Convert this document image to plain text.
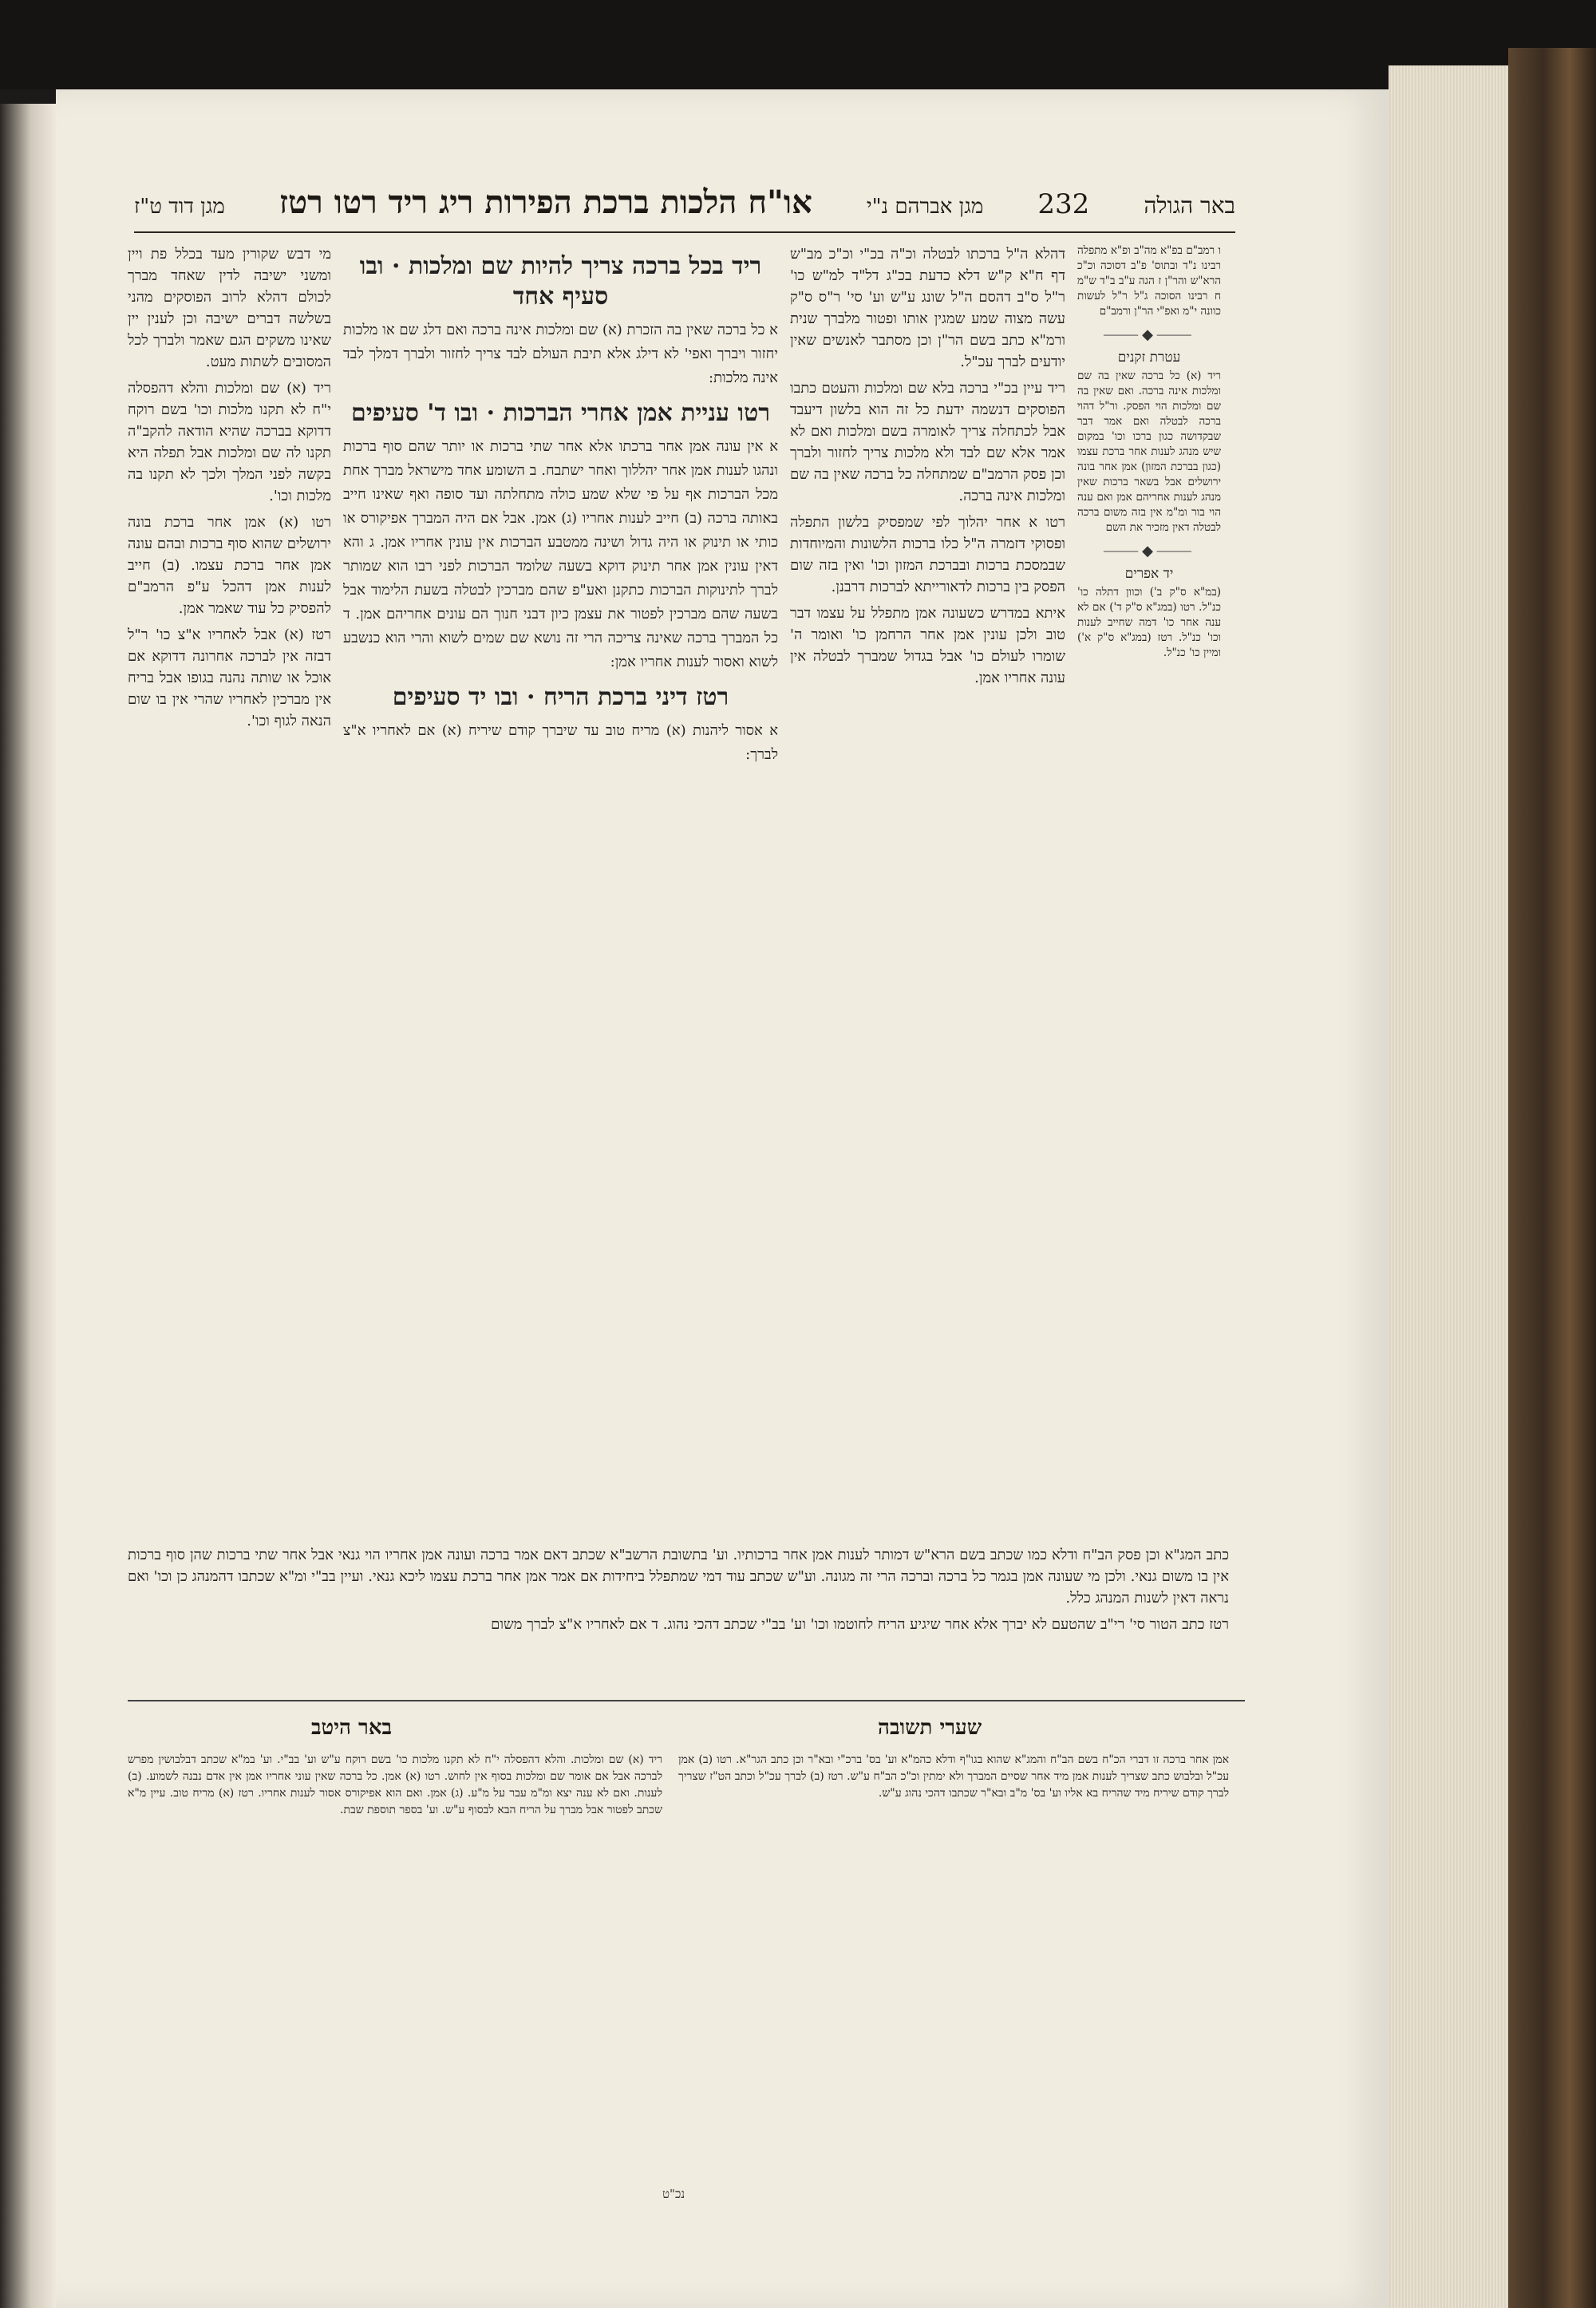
באר הגולה
232
מגן אברהם נ"י
או"ח הלכות ברכת הפירות ריג ריד רטו רטז
מגן דוד ט"ז

ו רמב"ם בפ"א מה"ב ופ"א מתפלה רבינו נ"ד ובתוס' פ"ב דסוכה וכ"כ הרא"ש והר"ן ז הגה ע"ב ב"ד ש"מ ח רבינו הסוכה ג"ל ר"ל לעשות כוונה י"מ ואפ"י הר"ן ורמב"ם

⸻◆⸻
עטרת זקנים

ריד (א) כל ברכה שאין בה שם ומלכות אינה ברכה. ואם שאין בה שם ומלכות הוי הפסק. ור"ל דהוי ברכה לבטלה ואם אמר דבר שבקדושה כגון ברכו וכו' במקום שיש מנהג לענות אחר ברכת עצמו (כגון בברכת המזון) אמן אחר בונה ירושלים אבל בשאר ברכות שאין מנהג לענות אחריהם אמן ואם ענה הוי בור ומ"מ אין בזה משום ברכה לבטלה דאין מזכיר את השם

⸻◆⸻
יד אפרים

(במ"א ס"ק ב') וכוון דתלה כו' כנ"ל. רטו (במג"א ס"ק ד') אם לא ענה אחר כו' דמה שחייב לענות וכו' כנ"ל. רטז (במג"א ס"ק א') ומיין כו' כנ"ל.

דהלא ה"ל ברכתו לבטלה וכ"ה בכ"י וכ"כ מב"ש דף ח"א ק"ש דלא כדעת בכ"ג דל"ד למ"ש כו' ר"ל ס"ב דהסם ה"ל שונג ע"ש וע' סי' ר"ס ס"ק עשה מצוה שמע שמגין אותו ופטור מלברך שנית ורמ"א כתב בשם הר"ן וכן מסתבר לאנשים שאין יודעים לברך עכ"ל.

ריד עיין בכ"י ברכה בלא שם ומלכות והעטם כתבו הפוסקים דנשמה ידעת כל זה הוא בלשון דיעבד אבל לכתחלה צריך לאומרה בשם ומלכות ואם לא אמר אלא שם לבד ולא מלכות צריך לחזור ולברך וכן פסק הרמב"ם שמתחלה כל ברכה שאין בה שם ומלכות אינה ברכה.

רטו א אחר יהלוך לפי שמפסיק בלשון התפלה ופסוקי דזמרה ה"ל כלו ברכות הלשונות והמיוחדות שבמסכת ברכות ובברכת המזון וכו' ואין בזה שום הפסק בין ברכות לדאורייתא לברכות דרבנן.

איתא במדרש כשעונה אמן מתפלל על עצמו דבר טוב ולכן עונין אמן אחר הרחמן כו' ואומר ה' שומרו לעולם כו' אבל בגדול שמברך לבטלה אין עונה אחריו אמן.

ריד בכל ברכה צריך להיות שם ומלכות · ובו סעיף אחד

א כל ברכה שאין בה הזכרת (א) שם ומלכות אינה ברכה ואם דלג שם או מלכות יחזור ויברך ואפי' לא דילג אלא תיבת העולם לבד צריך לחזור ולברך דמלך לבד אינה מלכות:

רטו עניית אמן אחרי הברכות · ובו ד' סעיפים

א אין עונה אמן אחר ברכתו אלא אחר שתי ברכות או יותר שהם סוף ברכות ונהגו לענות אמן אחר יהללוך ואחר ישתבח. ב השומע אחד מישראל מברך אחת מכל הברכות אף על פי שלא שמע כולה מתחלתה ועד סופה ואף שאינו חייב באותה ברכה (ב) חייב לענות אחריו (ג) אמן. אבל אם היה המברך אפיקורס או כותי או תינוק או היה גדול ושינה ממטבע הברכות אין עונין אחריו אמן. ג והא דאין עונין אמן אחר תינוק דוקא בשעה שלומד הברכות לפני רבו הוא שמותר לברך לתינוקות הברכות כתקנן ואע"פ שהם מברכין לבטלה בשעת הלימוד אבל בשעה שהם מברכין לפטור את עצמן כיון דבני חנוך הם עונים אחריהם אמן. ד כל המברך ברכה שאינה צריכה הרי זה נושא שם שמים לשוא והרי הוא כנשבע לשוא ואסור לענות אחריו אמן:

רטז דיני ברכת הריח · ובו יד סעיפים

א אסור ליהנות (א) מריח טוב עד שיברך קודם שיריח (א) אם לאחריו א"צ לברך:

מי דבש שקורין מעד בכלל פת ויין ומשני ישיבה לדין שאחד מברך לכולם דהלא לרוב הפוסקים מהני בשלשה דברים ישיבה וכן לענין יין שאינו משקים הגם שאמר ולברך לכל המסובים לשתות מעט.

ריד (א) שם ומלכות והלא דהפסלה י"ח לא תקנו מלכות וכו' בשם רוקח דדוקא בברכה שהיא הודאה להקב"ה תקנו לה שם ומלכות אבל תפלה היא בקשה לפני המלך ולכך לא תקנו בה מלכות וכו'.

רטו (א) אמן אחר ברכת בונה ירושלים שהוא סוף ברכות ובהם עונה אמן אחר ברכת עצמו. (ב) חייב לענות אמן דהכל ע"פ הרמב"ם להפסיק כל עוד שאמר אמן.

רטז (א) אבל לאחריו א"צ כו' ר"ל דבזה אין לברכה אחרונה דדוקא אם אוכל או שותה נהנה בגופו אבל בריח אין מברכין לאחריו שהרי אין בו שום הנאה לגוף וכו'.

כתב המג"א וכן פסק הב"ח ודלא כמו שכתב בשם הרא"ש דמותר לענות אמן אחר ברכותיו. וע' בתשובת הרשב"א שכתב דאם אמר ברכה ועונה אמן אחריו הוי גנאי אבל אחר שתי ברכות שהן סוף ברכות אין בו משום גנאי. ולכן מי שעונה אמן בגמר כל ברכה וברכה הרי זה מגונה. וע"ש שכתב עוד דמי שמתפלל ביחידות אם אמר אמן אחר ברכת עצמו ליכא גנאי. ועיין בב"י ומ"א שכתבו דהמנהג כן וכו' ואם נראה דאין לשנות המנהג כלל.

רטז כתב הטור סי' רי"ב שהטעם לא יברך אלא אחר שיגיע הריח לחוטמו וכו' וע' בב"י שכתב דהכי נהוג. ד אם לאחריו א"צ לברך משום

באר היטב	שערי תשובה

ריד (א) שם ומלכות. והלא דהפסלה י"ח לא תקנו מלכות כו' בשם רוקח ע"ש וע' בב"י. וע' במ"א שכתב דבלבושין מפרש לברכה אבל אם אומר שם ומלכות בסוף אין לחוש. רטו (א) אמן. כל ברכה שאין עוני אחריו אמן אין אדם נבנה לשמוע. (ב) לענות. ואם לא ענה יצא ומ"מ עבר על מ"ע. (ג) אמן. ואם הוא אפיקורס אסור לענות אחריו. רטז (א) מריח טוב. עיין מ"א שכתב לפטור אבל מברך על הריח הבא לבסוף ע"ש. וע' בספר תוספת שבת.

אמן אחר ברכה זו דברי הכ"ח בשם הב"ח והמג"א שהוא בגו"ף ודלא כהמ"א וע' בס' ברכ"י ובא"ר וכן כתב הגר"א. רטו (ב) אמן עכ"ל ובלבוש כתב שצריך לענות אמן מיד אחר שסיים המברך ולא ימתין וכ"כ הב"ח ע"ש. רטז (ב) לברך עכ"ל וכתב הט"ז שצריך לברך קודם שיריח מיד שהריח בא אליו וע' בס' מ"ב ובא"ר שכתבו דהכי נהוג ע"ש.

נכ"ט
